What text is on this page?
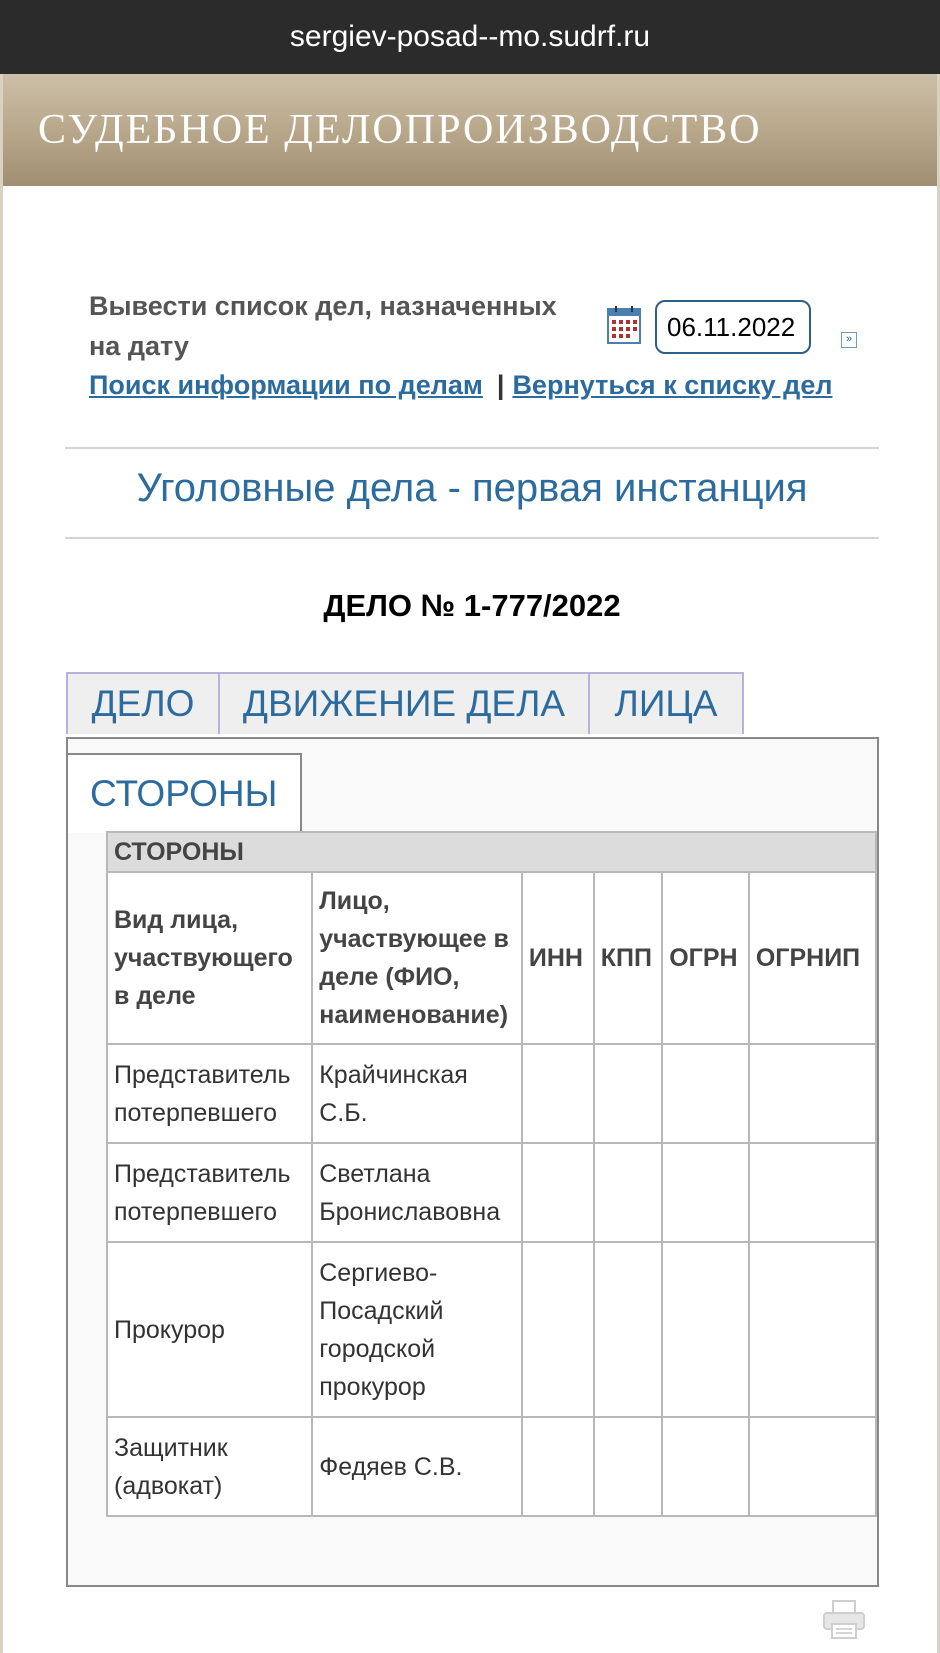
sergiev-posad--mo.sudrf.ru
СУДЕБНОЕ ДЕЛОПРОИЗВОДСТВО
Вывести список дел, назначенных на дату
06.11.2022	»
Поиск информации по делам | Вернуться к списку дел
Уголовные дела - первая инстанция
ДЕЛО № 1-777/2022
ДЕЛО ДВИЖЕНИЕ ДЕЛА ЛИЦА
СТОРОНЫ
СТОРОНЫ					
Вид лица, участвующего в деле	Лицо, участвующее в деле (ФИО, наименование)	ИНН	КПП	ОГРН	ОГРНИП
Представитель потерпевшего	Крайчинская С.Б.				
Представитель потерпевшего	Светлана Брониславовна				
Прокурор	Сергиево-Посадский городской прокурор				
Защитник (адвокат)	Федяев С.В.				
